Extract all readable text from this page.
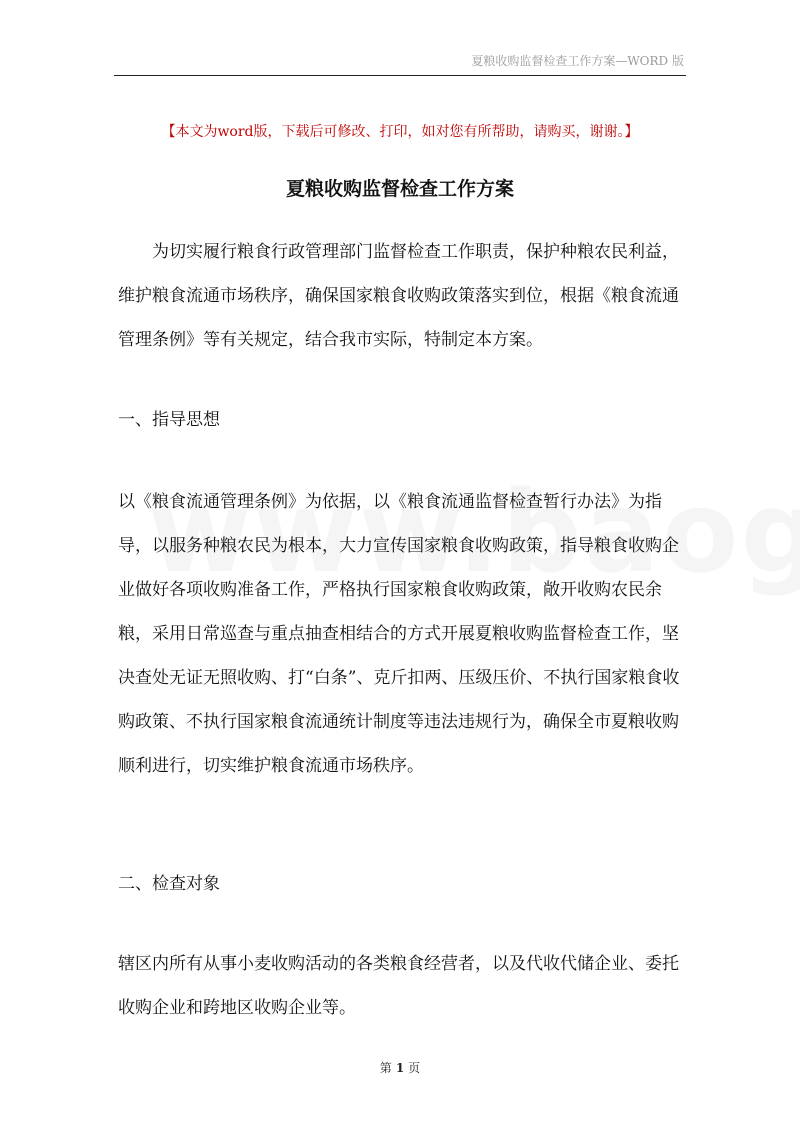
夏粮收购监督检查工作方案—WORD 版
【本文为word版，下载后可修改、打印，如对您有所帮助，请购买，谢谢。】
夏粮收购监督检查工作方案

为切实履行粮食行政管理部门监督检查工作职责，保护种粮农民利益，维护粮食流通市场秩序，确保国家粮食收购政策落实到位，根据《粮食流通管理条例》等有关规定，结合我市实际，特制定本方案。

一、指导思想

以《粮食流通管理条例》为依据，以《粮食流通监督检查暂行办法》为指导，以服务种粮农民为根本，大力宣传国家粮食收购政策，指导粮食收购企业做好各项收购准备工作，严格执行国家粮食收购政策，敞开收购农民余粮，采用日常巡查与重点抽查相结合的方式开展夏粮收购监督检查工作，坚决查处无证无照收购、打“白条”、克斤扣两、压级压价、不执行国家粮食收购政策、不执行国家粮食流通统计制度等违法违规行为，确保全市夏粮收购顺利进行，切实维护粮食流通市场秩序。

二、检查对象

辖区内所有从事小麦收购活动的各类粮食经营者，以及代收代储企业、委托收购企业和跨地区收购企业等。

第 1 页
